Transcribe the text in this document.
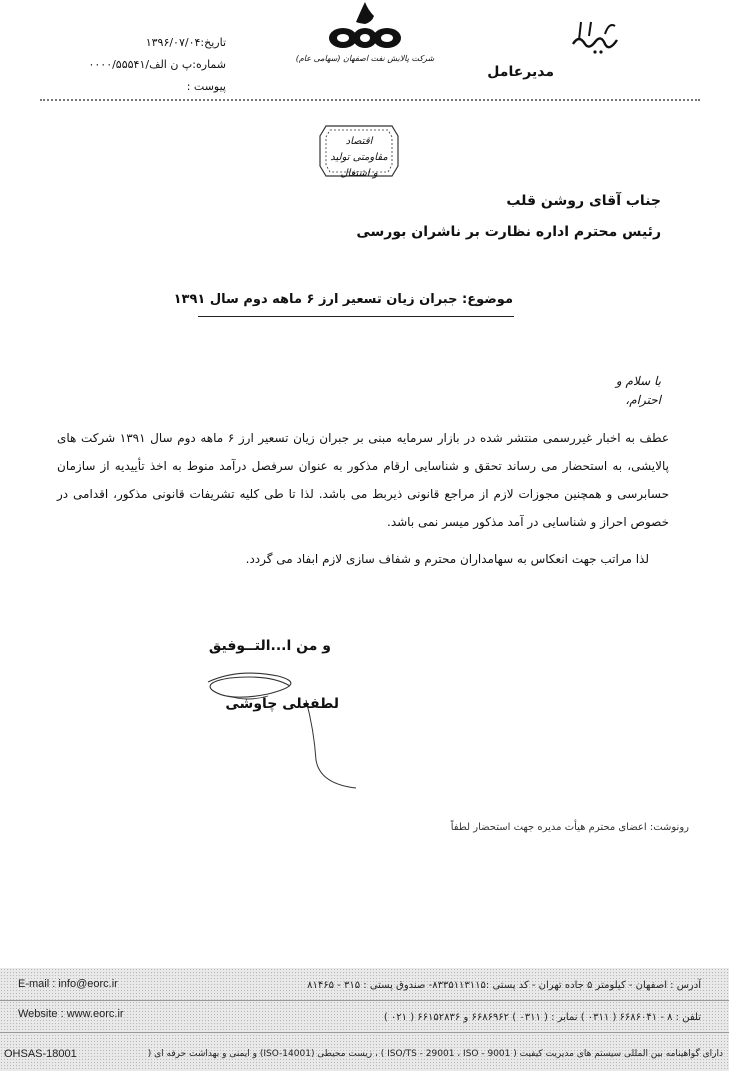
مدیرعامل
شرکت پالایش نفت اصفهان (سهامی عام)
تاریخ:۱۳۹۶/۰۷/۰۴
شماره:پ ن الف/۰۰۰۰/۵۵۵۴۱
پیوست :
اقتصاد مقاومتی تولید و اشتغال
جناب آقای روشن قلب
رئیس محترم اداره نظارت بر ناشران بورسی
موضوع: جبران زیان تسعیر ارز ۶ ماهه دوم سال ۱۳۹۱
با سلام و احترام،

عطف به اخبار غیررسمی منتشر شده در بازار سرمایه مبنی بر جبران زیان تسعیر ارز ۶ ماهه دوم سال ۱۳۹۱ شرکت های پالایشی، به استحضار می رساند تحقق و شناسایی ارقام مذکور به عنوان سرفصل درآمد منوط به اخذ تأییدیه از سازمان حسابرسی و همچنین مجوزات لازم از مراجع قانونی ذیربط می باشد. لذا تا طی کلیه تشریفات قانونی مذکور، اقدامی در خصوص احراز و شناسایی در آمد مذکور میسر نمی باشد.

لذا مراتب جهت انعکاس به سهامداران محترم و شفاف سازی لازم ابفاد می گردد.
و من ا...التــوفیق
لطفعلی چاوشی
رونوشت: اعضای محترم هیأت مدیره جهت استحضار لطفاً
E-mail : info@eorc.ir
Website : www.eorc.ir
آدرس : اصفهان - کیلومتر ۵ جاده تهران - کد پستی :۸۳۳۵۱۱۳۱۱۵- صندوق پستی : ۳۱۵ - ۸۱۴۶۵
تلفن : ۸ - ۶۶۸۶۰۴۱ ( ۰۳۱۱ ) نمابر : ( ۰۳۱۱ ) ۶۶۸۶۹۶۲ و ۶۶۱۵۲۸۳۶ ( ۰۲۱ )
OHSAS-18001	دارای گواهینامه بین المللی سیستم های مدیریت کیفیت ( ISO/TS - 29001 ، ISO - 9001 ) ، زیست محیطی (ISO-14001) و ایمنی و بهداشت حرفه ای (
